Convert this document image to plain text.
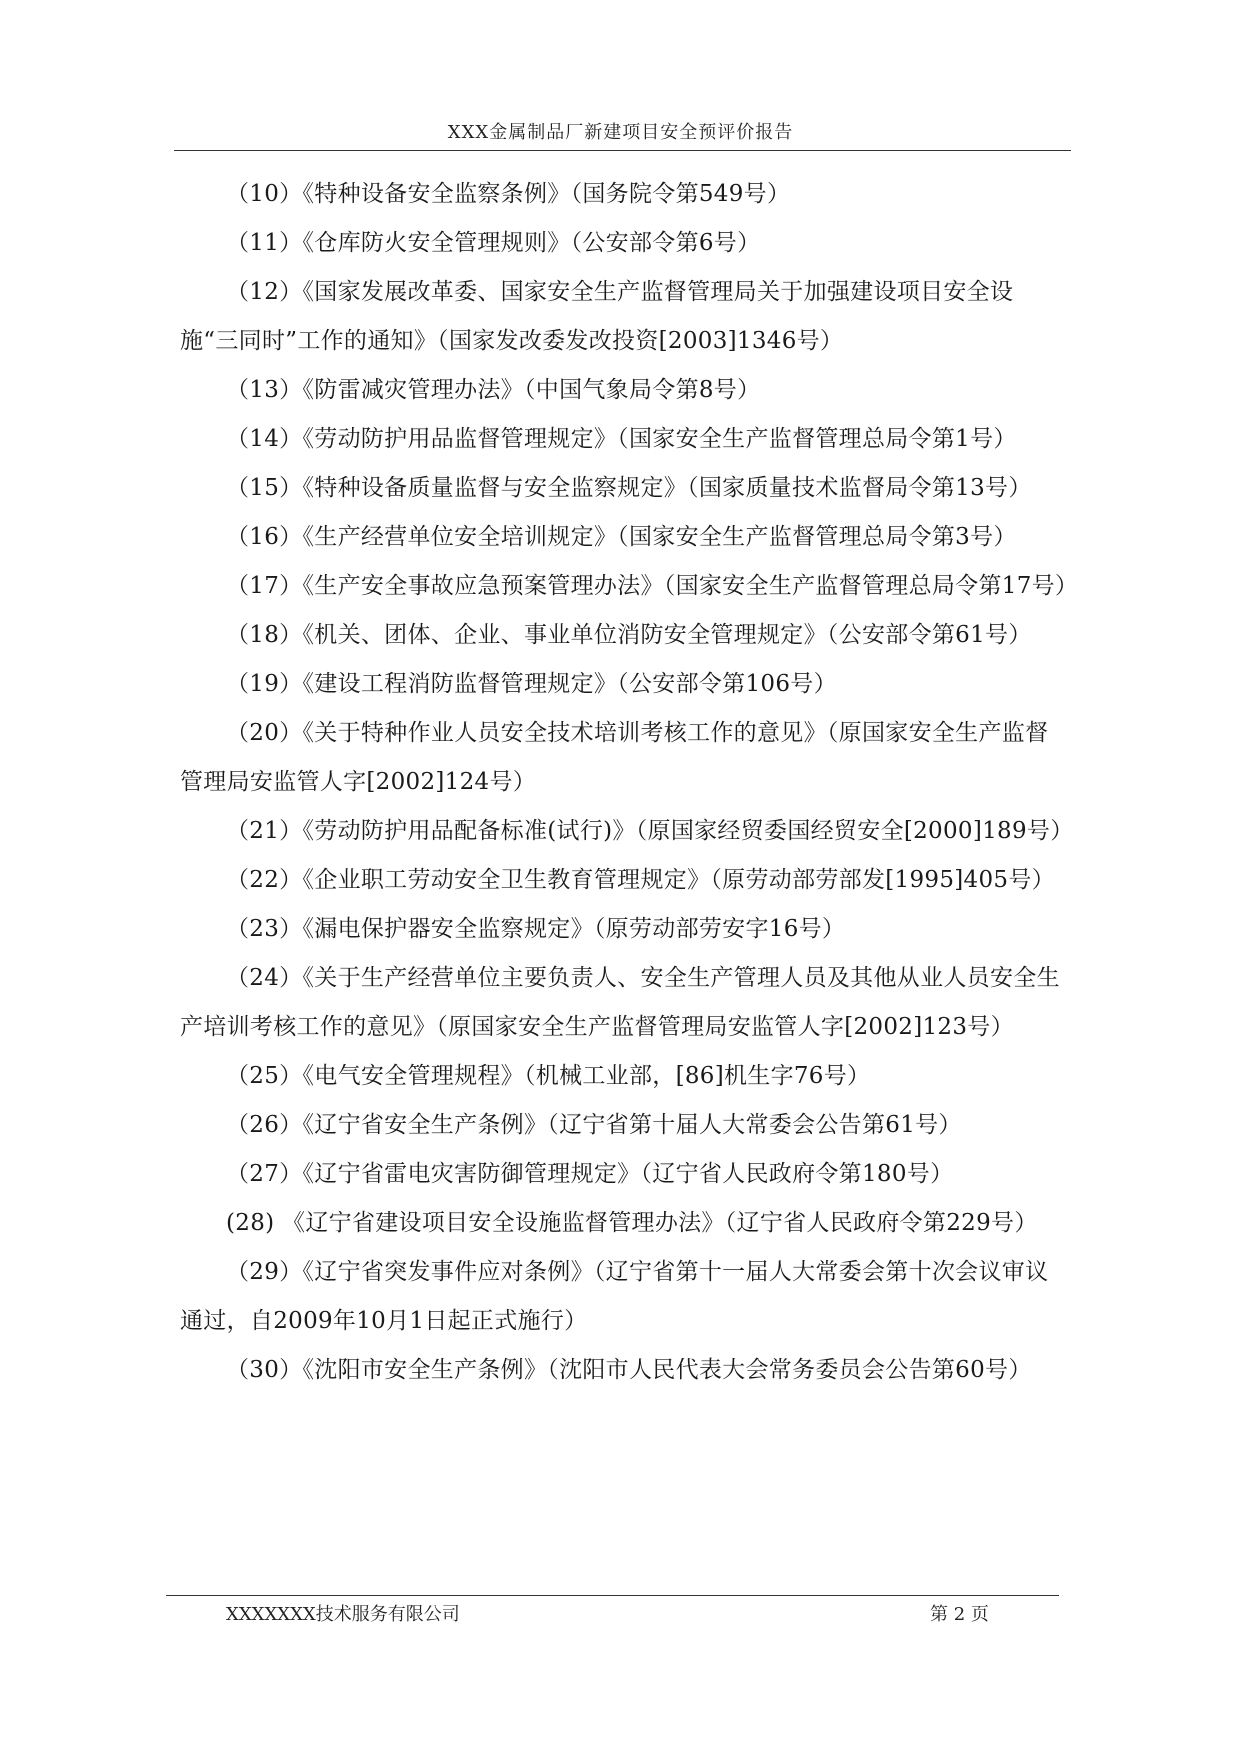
XXX金属制品厂新建项目安全预评价报告

（10）《特种设备安全监察条例》（国务院令第549号）

（11）《仓库防火安全管理规则》（公安部令第6号）

（12）《国家发展改革委、国家安全生产监督管理局关于加强建设项目安全设施“三同时”工作的通知》（国家发改委发改投资[2003]1346号）

（13）《防雷减灾管理办法》（中国气象局令第8号）

（14）《劳动防护用品监督管理规定》（国家安全生产监督管理总局令第1号）

（15）《特种设备质量监督与安全监察规定》（国家质量技术监督局令第13号）

（16）《生产经营单位安全培训规定》（国家安全生产监督管理总局令第3号）

（17）《生产安全事故应急预案管理办法》（国家安全生产监督管理总局令第17号）

（18）《机关、团体、企业、事业单位消防安全管理规定》（公安部令第61号）

（19）《建设工程消防监督管理规定》（公安部令第106号）

（20）《关于特种作业人员安全技术培训考核工作的意见》（原国家安全生产监督管理局安监管人字[2002]124号）

（21）《劳动防护用品配备标准(试行)》（原国家经贸委国经贸安全[2000]189号）

（22）《企业职工劳动安全卫生教育管理规定》（原劳动部劳部发[1995]405号）

（23）《漏电保护器安全监察规定》（原劳动部劳安字16号）

（24）《关于生产经营单位主要负责人、安全生产管理人员及其他从业人员安全生产培训考核工作的意见》（原国家安全生产监督管理局安监管人字[2002]123号）

（25）《电气安全管理规程》（机械工业部，[86]机生字76号）

（26）《辽宁省安全生产条例》（辽宁省第十届人大常委会公告第61号）

（27）《辽宁省雷电灾害防御管理规定》（辽宁省人民政府令第180号）

(28) 《辽宁省建设项目安全设施监督管理办法》（辽宁省人民政府令第229号）

（29）《辽宁省突发事件应对条例》（辽宁省第十一届人大常委会第十次会议审议通过，自2009年10月1日起正式施行）

（30）《沈阳市安全生产条例》（沈阳市人民代表大会常务委员会公告第60号）

XXXXXXX技术服务有限公司	第 2 页
